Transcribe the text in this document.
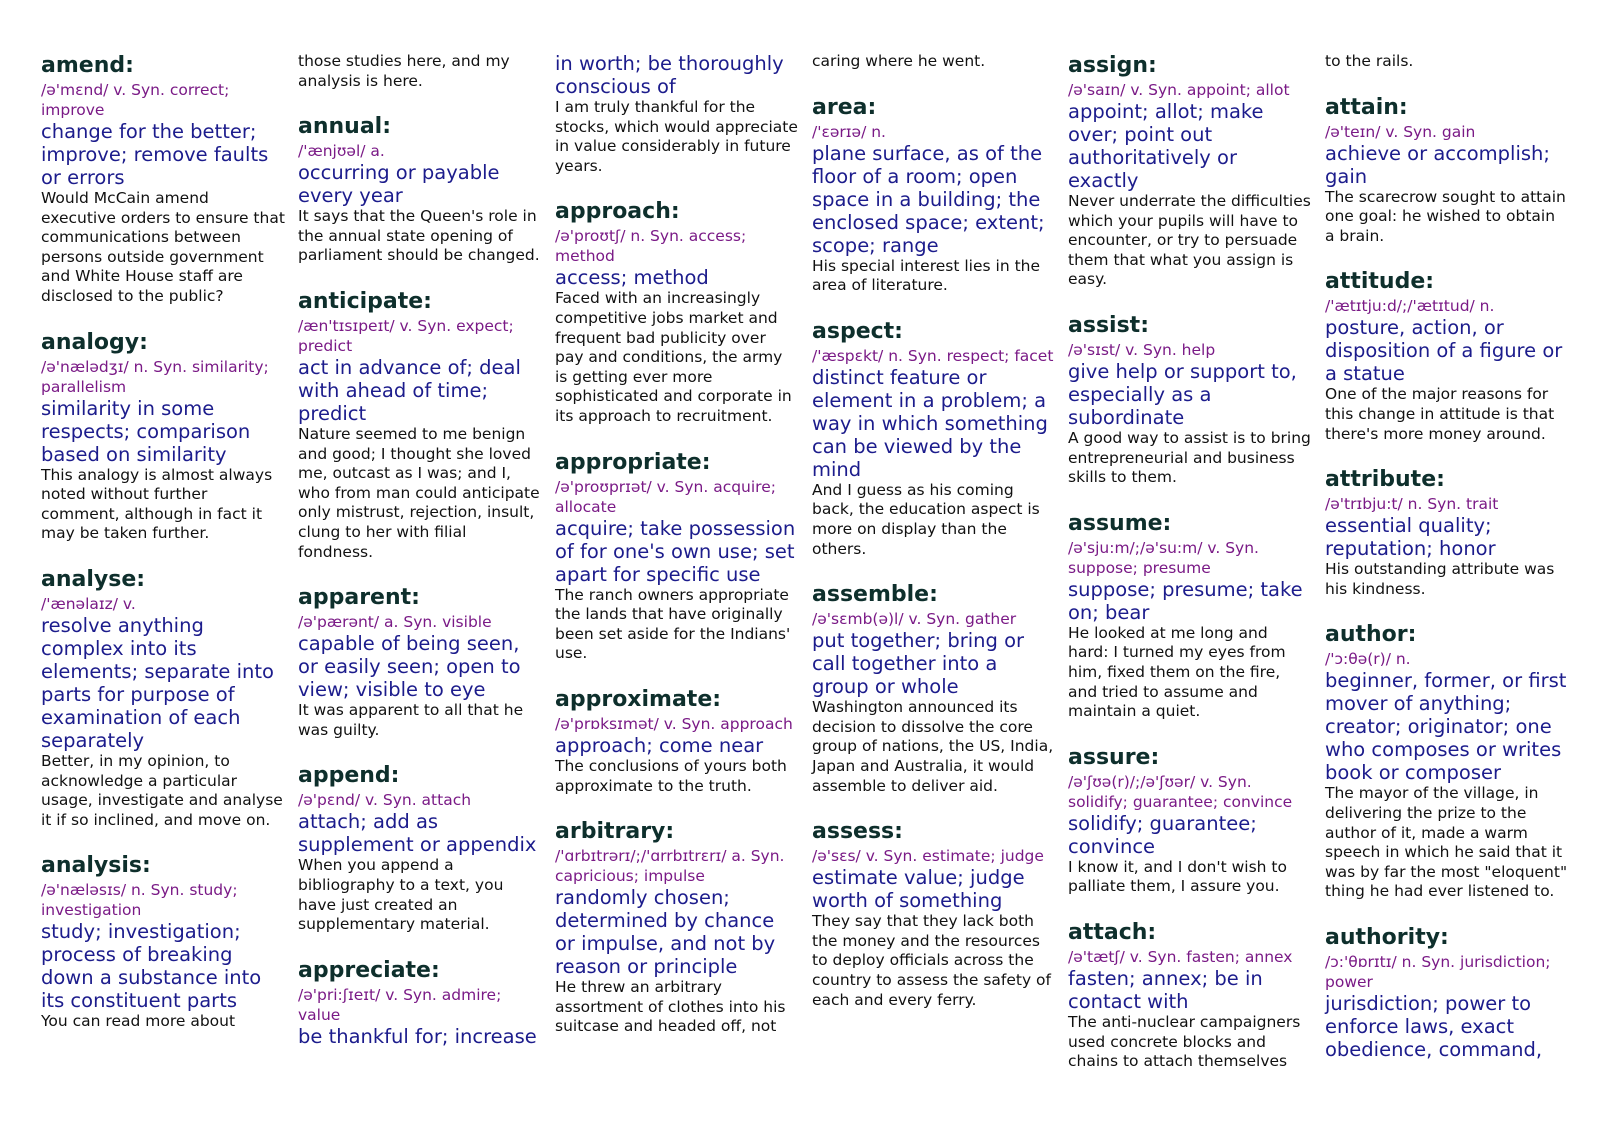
amend:
/ə'mɛnd/ v. Syn. correct; improve
change for the better; improve; remove faults or errors
Would McCain amend executive orders to ensure that communications between persons outside government and White House staff are disclosed to the public?
analogy:
/ə'nælədʒɪ/ n. Syn. similarity; parallelism
similarity in some respects; comparison based on similarity
This analogy is almost always noted without further comment, although in fact it may be taken further.
analyse:
/'ænəlaɪz/ v.
resolve anything complex into its elements; separate into parts for purpose of examination of each separately
Better, in my opinion, to acknowledge a particular usage, investigate and analyse it if so inclined, and move on.
analysis:
/ə'næləsɪs/ n. Syn. study; investigation
study; investigation; process of breaking down a substance into its constituent parts
You can read more about
those studies here, and my analysis is here.
annual:
/'ænjʊəl/ a.
occurring or payable every year
It says that the Queen's role in the annual state opening of parliament should be changed.
anticipate:
/æn'tɪsɪpeɪt/ v. Syn. expect; predict
act in advance of; deal with ahead of time; predict
Nature seemed to me benign and good; I thought she loved me, outcast as I was; and I, who from man could anticipate only mistrust, rejection, insult, clung to her with filial fondness.
apparent:
/ə'pærənt/ a. Syn. visible
capable of being seen, or easily seen; open to view; visible to eye
It was apparent to all that he was guilty.
append:
/ə'pɛnd/ v. Syn. attach
attach; add as supplement or appendix
When you append a bibliography to a text, you have just created an supplementary material.
appreciate:
/ə'pri:ʃɪeɪt/ v. Syn. admire; value
be thankful for; increase
in worth; be thoroughly conscious of
I am truly thankful for the stocks, which would appreciate in value considerably in future years.
approach:
/ə'proʊtʃ/ n. Syn. access; method
access; method
Faced with an increasingly competitive jobs market and frequent bad publicity over pay and conditions, the army is getting ever more sophisticated and corporate in its approach to recruitment.
appropriate:
/ə'proʊprɪət/ v. Syn. acquire; allocate
acquire; take possession of for one's own use; set apart for specific use
The ranch owners appropriate the lands that have originally been set aside for the Indians' use.
approximate:
/ə'prɒksɪmət/ v. Syn. approach
approach; come near
The conclusions of yours both approximate to the truth.
arbitrary:
/'ɑrbɪtrərɪ/;/'ɑrrbɪtrɛrɪ/ a. Syn. capricious; impulse
randomly chosen; determined by chance or impulse, and not by reason or principle
He threw an arbitrary assortment of clothes into his suitcase and headed off, not
caring where he went.
area:
/'ɛərɪə/ n.
plane surface, as of the floor of a room; open space in a building; the enclosed space; extent; scope; range
His special interest lies in the area of literature.
aspect:
/'æspɛkt/ n. Syn. respect; facet
distinct feature or element in a problem; a way in which something can be viewed by the mind
And I guess as his coming back, the education aspect is more on display than the others.
assemble:
/ə'sɛmb(ə)l/ v. Syn. gather
put together; bring or call together into a group or whole
Washington announced its decision to dissolve the core group of nations, the US, India, Japan and Australia, it would assemble to deliver aid.
assess:
/ə'sɛs/ v. Syn. estimate; judge
estimate value; judge worth of something
They say that they lack both the money and the resources to deploy officials across the country to assess the safety of each and every ferry.
assign:
/ə'saɪn/ v. Syn. appoint; allot
appoint; allot; make over; point out authoritatively or exactly
Never underrate the difficulties which your pupils will have to encounter, or try to persuade them that what you assign is easy.
assist:
/ə'sɪst/ v. Syn. help
give help or support to, especially as a subordinate
A good way to assist is to bring entrepreneurial and business skills to them.
assume:
/ə'sju:m/;/ə'su:m/ v. Syn. suppose; presume
suppose; presume; take on; bear
He looked at me long and hard: I turned my eyes from him, fixed them on the fire, and tried to assume and maintain a quiet.
assure:
/ə'ʃʊə(r)/;/ə'ʃʊər/ v. Syn. solidify; guarantee; convince
solidify; guarantee; convince
I know it, and I don't wish to palliate them, I assure you.
attach:
/ə'tætʃ/ v. Syn. fasten; annex
fasten; annex; be in contact with
The anti-nuclear campaigners used concrete blocks and chains to attach themselves
to the rails.
attain:
/ə'teɪn/ v. Syn. gain
achieve or accomplish; gain
The scarecrow sought to attain one goal: he wished to obtain a brain.
attitude:
/'ætɪtju:d/;/'ætɪtud/ n.
posture, action, or disposition of a figure or a statue
One of the major reasons for this change in attitude is that there's more money around.
attribute:
/ə'trɪbju:t/ n. Syn. trait
essential quality; reputation; honor
His outstanding attribute was his kindness.
author:
/'ɔ:θə(r)/ n.
beginner, former, or first mover of anything; creator; originator; one who composes or writes book or composer
The mayor of the village, in delivering the prize to the author of it, made a warm speech in which he said that it was by far the most "eloquent" thing he had ever listened to.
authority:
/ɔ:'θɒrɪtɪ/ n. Syn. jurisdiction; power
jurisdiction; power to enforce laws, exact obedience, command,
